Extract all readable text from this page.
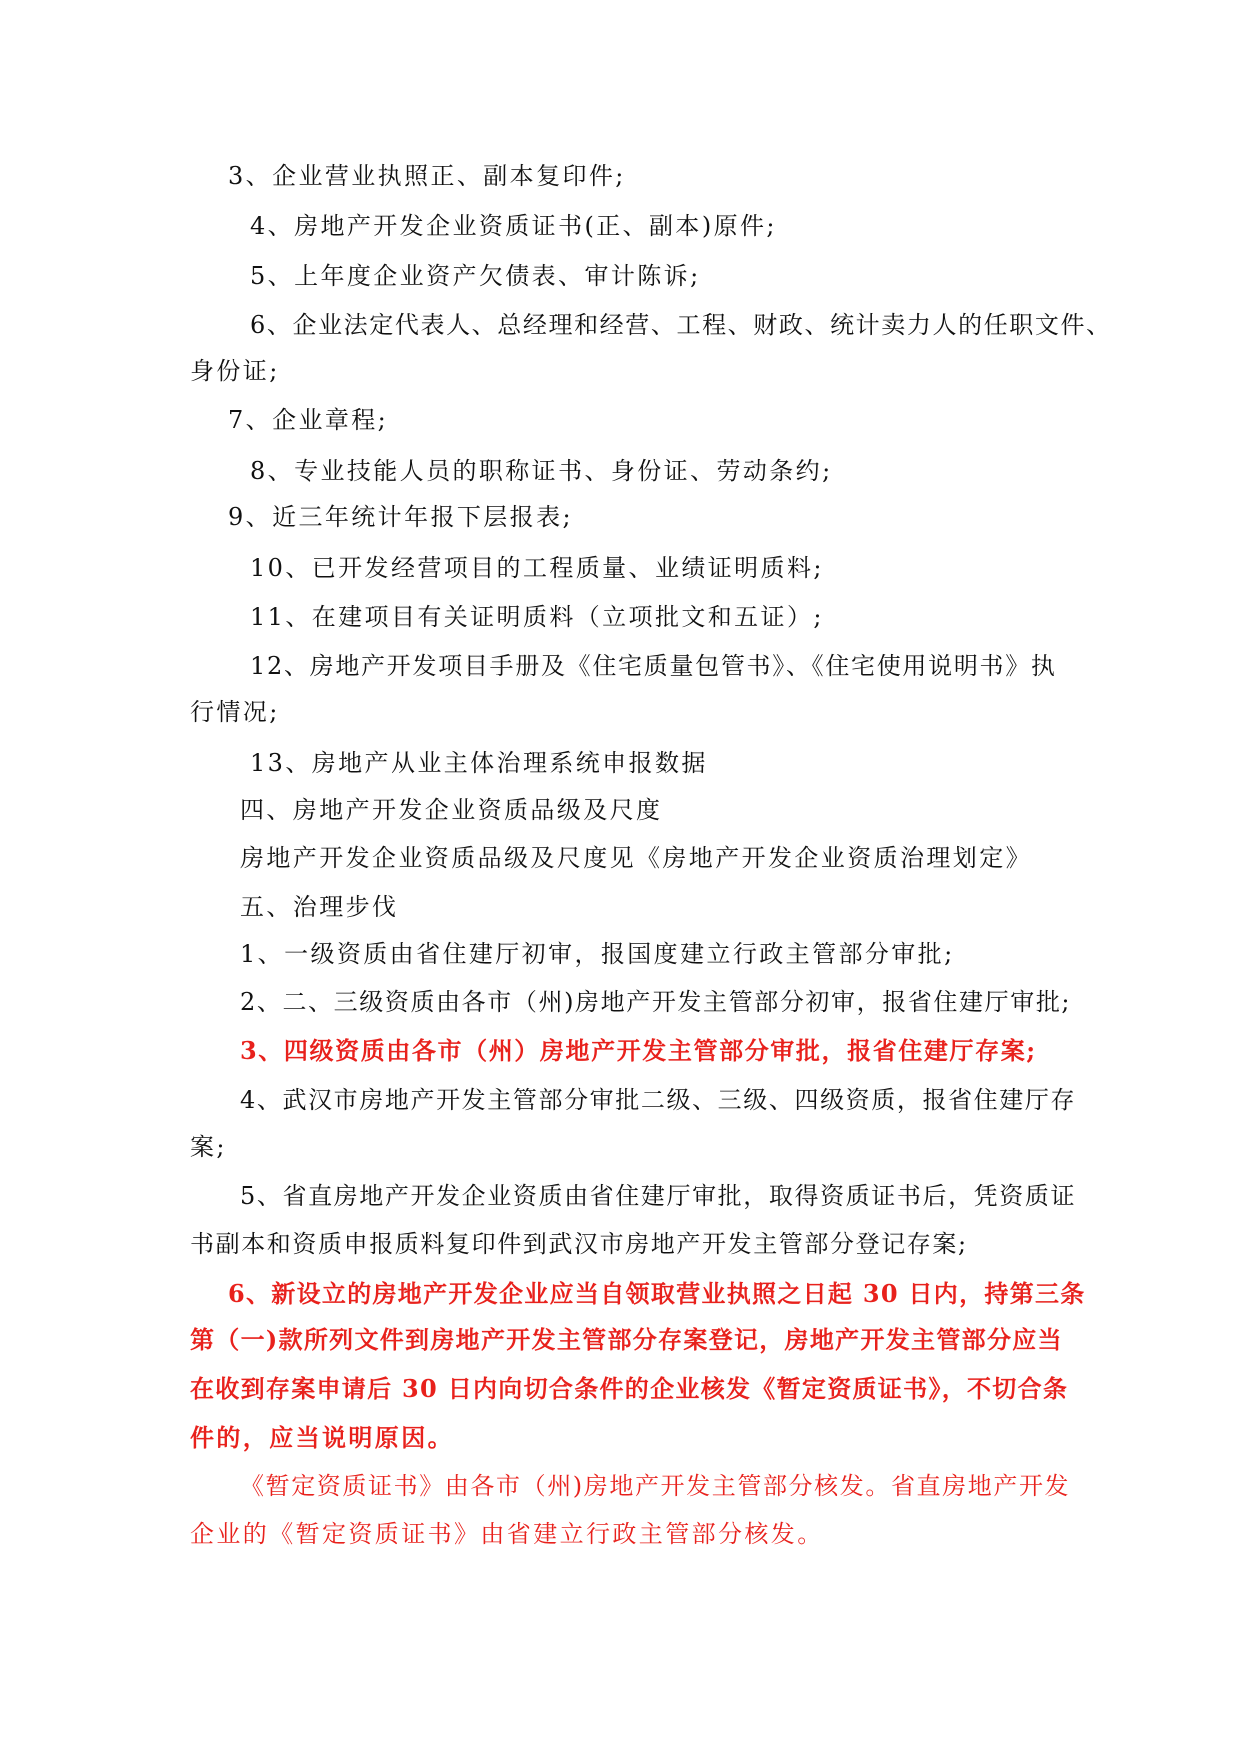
3、企业营业执照正、副本复印件;
4、房地产开发企业资质证书(正、副本)原件;
5、上年度企业资产欠债表、审计陈诉;
6、企业法定代表人、总经理和经营、工程、财政、统计卖力人的任职文件、
身份证;
7、企业章程;
8、专业技能人员的职称证书、身份证、劳动条约;
9、近三年统计年报下层报表;
10、已开发经营项目的工程质量、业绩证明质料;
11、在建项目有关证明质料（立项批文和五证）;
12、房地产开发项目手册及《住宅质量包管书》、《住宅使用说明书》执
行情况;
13、房地产从业主体治理系统申报数据
四、房地产开发企业资质品级及尺度
房地产开发企业资质品级及尺度见《房地产开发企业资质治理划定》
五、治理步伐
1、一级资质由省住建厅初审，报国度建立行政主管部分审批;
2、二、三级资质由各市（州)房地产开发主管部分初审，报省住建厅审批;
3、四级资质由各市（州）房地产开发主管部分审批，报省住建厅存案;
4、武汉市房地产开发主管部分审批二级、三级、四级资质，报省住建厅存
案;
5、省直房地产开发企业资质由省住建厅审批，取得资质证书后，凭资质证
书副本和资质申报质料复印件到武汉市房地产开发主管部分登记存案;
6、新设立的房地产开发企业应当自领取营业执照之日起 30 日内，持第三条
第（一)款所列文件到房地产开发主管部分存案登记，房地产开发主管部分应当
在收到存案申请后 30 日内向切合条件的企业核发《暂定资质证书》，不切合条
件的，应当说明原因。
《暂定资质证书》由各市（州)房地产开发主管部分核发。省直房地产开发
企业的《暂定资质证书》由省建立行政主管部分核发。
